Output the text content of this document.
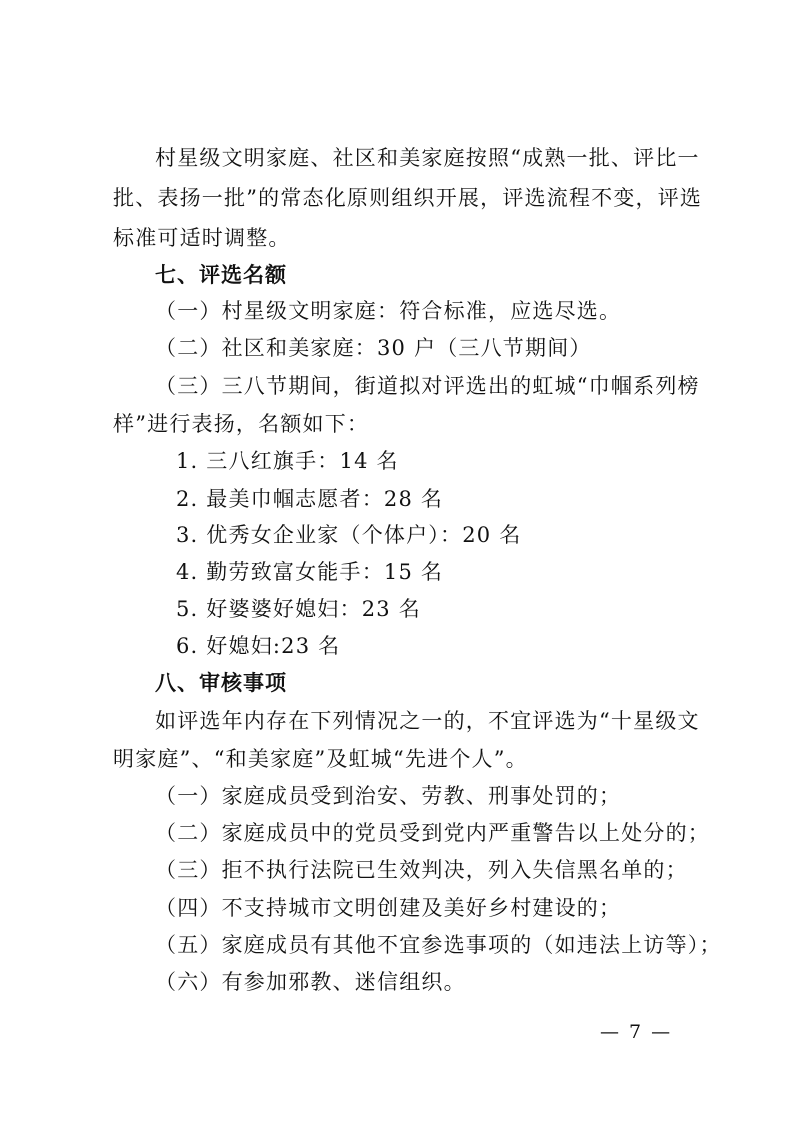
村星级文明家庭、社区和美家庭按照“成熟一批、评比一
批、表扬一批”的常态化原则组织开展，评选流程不变，评选
标准可适时调整。
七、评选名额
（一）村星级文明家庭：符合标准，应选尽选。
（二）社区和美家庭：30 户（三八节期间）
（三）三八节期间，街道拟对评选出的虹城“巾帼系列榜
样”进行表扬，名额如下：
1. 三八红旗手：14 名
2. 最美巾帼志愿者：28 名
3. 优秀女企业家（个体户）：20 名
4. 勤劳致富女能手：15 名
5. 好婆婆好媳妇：23 名
6. 好媳妇:23 名
八、审核事项
如评选年内存在下列情况之一的，不宜评选为“十星级文
明家庭”、“和美家庭”及虹城“先进个人”。
（一）家庭成员受到治安、劳教、刑事处罚的；
（二）家庭成员中的党员受到党内严重警告以上处分的；
（三）拒不执行法院已生效判决，列入失信黑名单的；
（四）不支持城市文明创建及美好乡村建设的；
（五）家庭成员有其他不宜参选事项的（如违法上访等）；
（六）有参加邪教、迷信组织。
— 7 —
